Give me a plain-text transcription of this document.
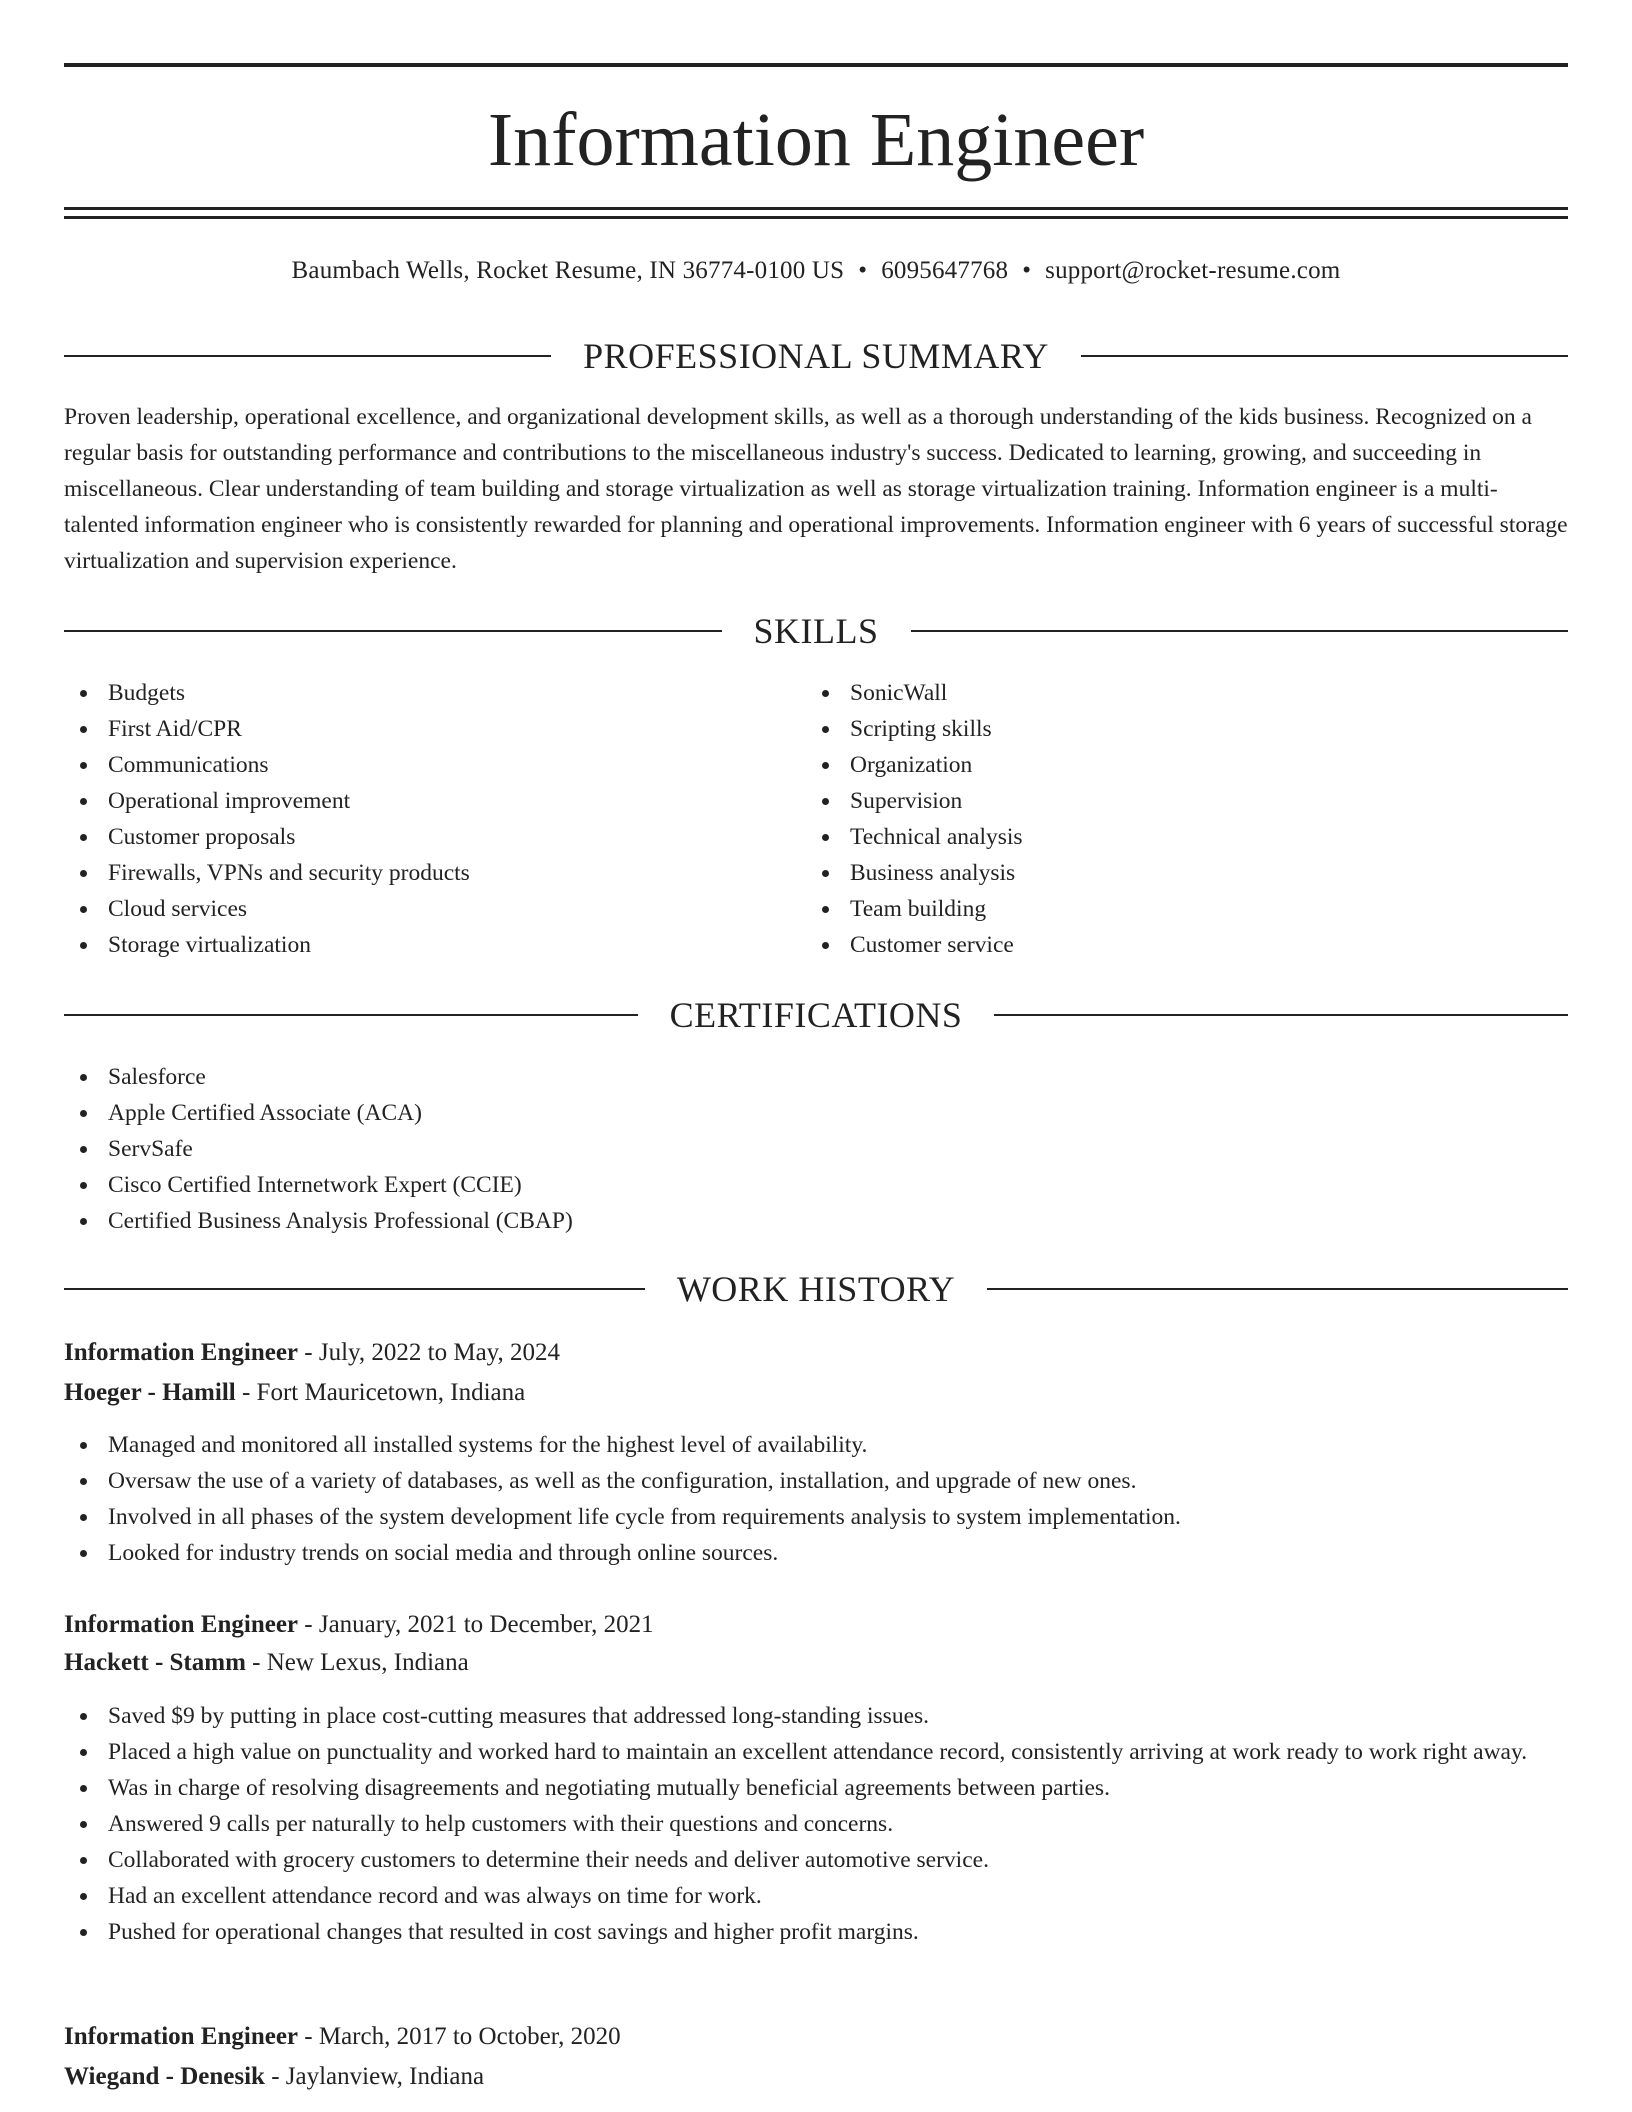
Information Engineer
Baumbach Wells, Rocket Resume, IN 36774-0100 US • 6095647768 • support@rocket-resume.com
PROFESSIONAL SUMMARY

Proven leadership, operational excellence, and organizational development skills, as well as a thorough understanding of the kids business. Recognized on a regular basis for outstanding performance and contributions to the miscellaneous industry's success. Dedicated to learning, growing, and succeeding in miscellaneous. Clear understanding of team building and storage virtualization as well as storage virtualization training. Information engineer is a multi-talented information engineer who is consistently rewarded for planning and operational improvements. Information engineer with 6 years of successful storage virtualization and supervision experience.

SKILLS
Budgets
First Aid/CPR
Communications
Operational improvement
Customer proposals
Firewalls, VPNs and security products
Cloud services
Storage virtualization
SonicWall
Scripting skills
Organization
Supervision
Technical analysis
Business analysis
Team building
Customer service
CERTIFICATIONS
Salesforce
Apple Certified Associate (ACA)
ServSafe
Cisco Certified Internetwork Expert (CCIE)
Certified Business Analysis Professional (CBAP)
WORK HISTORY
Information Engineer - July, 2022 to May, 2024
Hoeger - Hamill - Fort Mauricetown, Indiana
Managed and monitored all installed systems for the highest level of availability.
Oversaw the use of a variety of databases, as well as the configuration, installation, and upgrade of new ones.
Involved in all phases of the system development life cycle from requirements analysis to system implementation.
Looked for industry trends on social media and through online sources.
Information Engineer - January, 2021 to December, 2021
Hackett - Stamm - New Lexus, Indiana
Saved $9 by putting in place cost-cutting measures that addressed long-standing issues.
Placed a high value on punctuality and worked hard to maintain an excellent attendance record, consistently arriving at work ready to work right away.
Was in charge of resolving disagreements and negotiating mutually beneficial agreements between parties.
Answered 9 calls per naturally to help customers with their questions and concerns.
Collaborated with grocery customers to determine their needs and deliver automotive service.
Had an excellent attendance record and was always on time for work.
Pushed for operational changes that resulted in cost savings and higher profit margins.
Information Engineer - March, 2017 to October, 2020
Wiegand - Denesik - Jaylanview, Indiana
